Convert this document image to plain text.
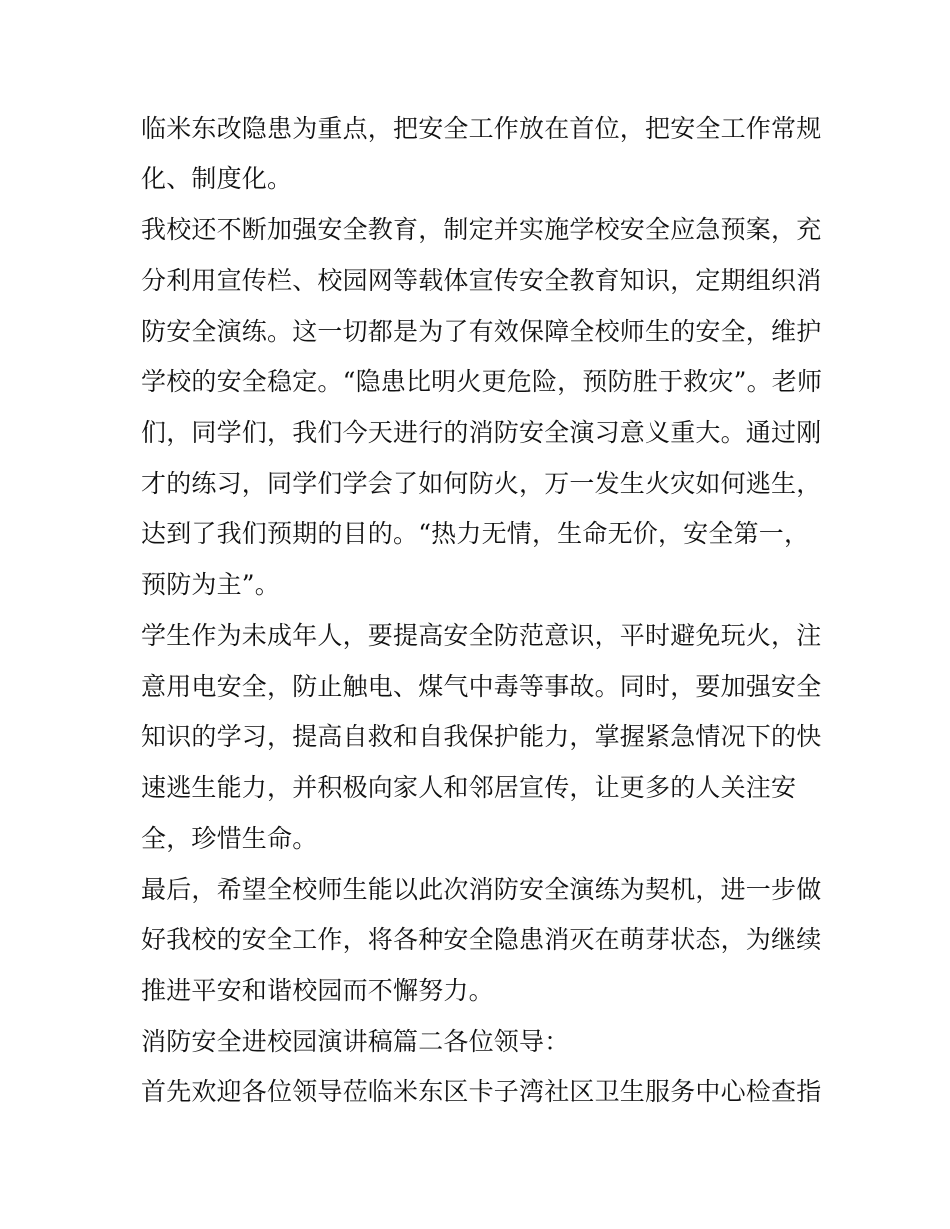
临米东改隐患为重点，把安全工作放在首位，把安全工作常规
化、制度化。
我校还不断加强安全教育，制定并实施学校安全应急预案，充
分利用宣传栏、校园网等载体宣传安全教育知识，定期组织消
防安全演练。这一切都是为了有效保障全校师生的安全，维护
学校的安全稳定。“隐患比明火更危险，预防胜于救灾”。老师
们，同学们，我们今天进行的消防安全演习意义重大。通过刚
才的练习，同学们学会了如何防火，万一发生火灾如何逃生，
达到了我们预期的目的。“热力无情，生命无价，安全第一，
预防为主”。
学生作为未成年人，要提高安全防范意识，平时避免玩火，注
意用电安全，防止触电、煤气中毒等事故。同时，要加强安全
知识的学习，提高自救和自我保护能力，掌握紧急情况下的快
速逃生能力，并积极向家人和邻居宣传，让更多的人关注安
全，珍惜生命。
最后，希望全校师生能以此次消防安全演练为契机，进一步做
好我校的安全工作，将各种安全隐患消灭在萌芽状态，为继续
推进平安和谐校园而不懈努力。
消防安全进校园演讲稿篇二各位领导：
首先欢迎各位领导莅临米东区卡子湾社区卫生服务中心检查指
